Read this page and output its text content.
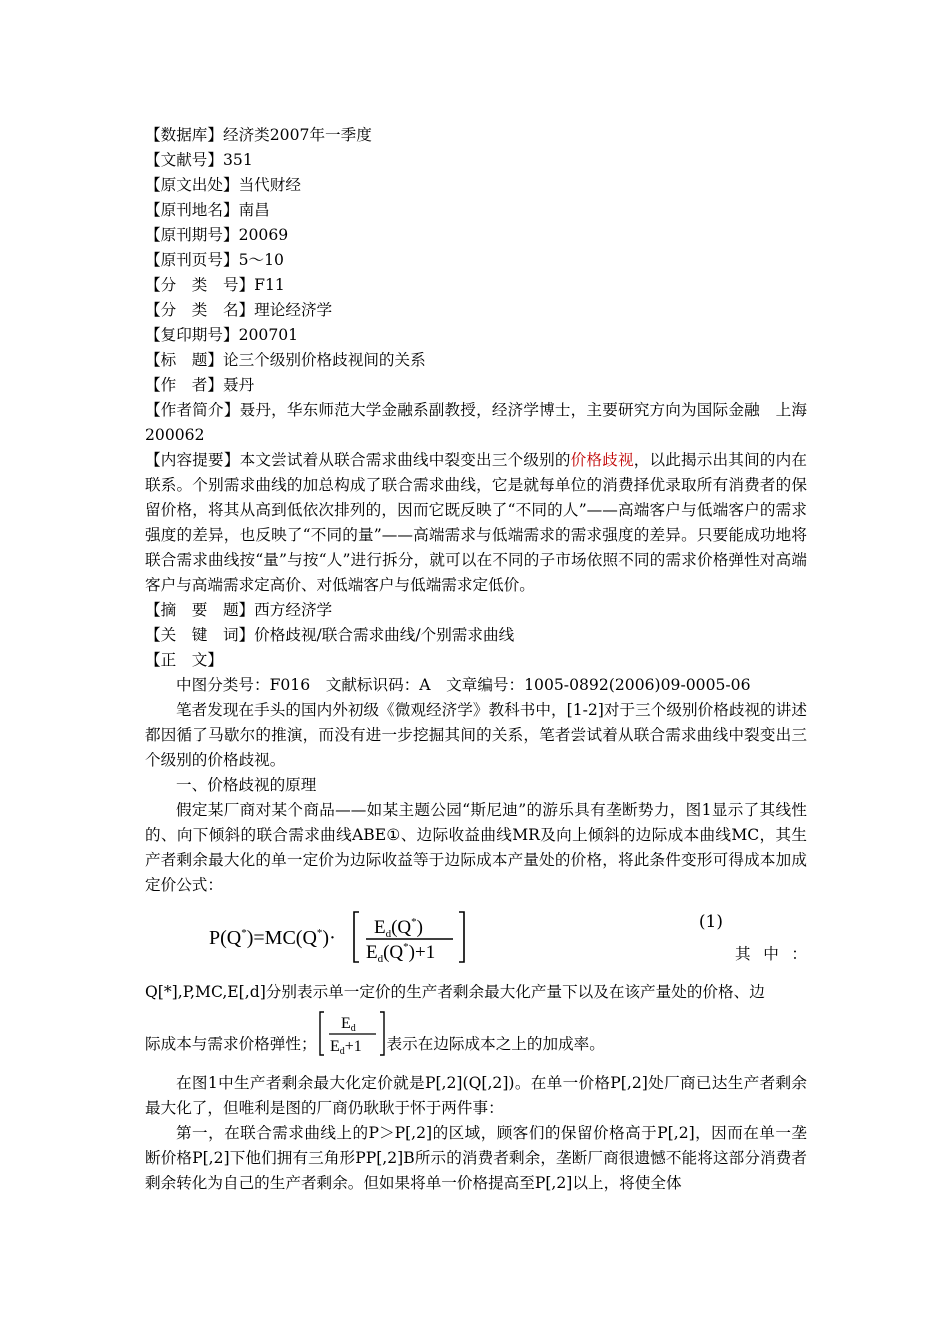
【数据库】经济类2007年一季度
【文献号】351
【原文出处】当代财经
【原刊地名】南昌
【原刊期号】20069
【原刊页号】5～10
【分　类　号】F11
【分　类　名】理论经济学
【复印期号】200701
【标　题】论三个级别价格歧视间的关系
【作　者】聂丹
【作者简介】聂丹，华东师范大学金融系副教授，经济学博士，主要研究方向为国际金融　上海　200062
【内容提要】本文尝试着从联合需求曲线中裂变出三个级别的价格歧视，以此揭示出其间的内在联系。个别需求曲线的加总构成了联合需求曲线，它是就每单位的消费择优录取所有消费者的保留价格，将其从高到低依次排列的，因而它既反映了“不同的人”——高端客户与低端客户的需求强度的差异，也反映了“不同的量”——高端需求与低端需求的需求强度的差异。只要能成功地将联合需求曲线按“量”与按“人”进行拆分，就可以在不同的子市场依照不同的需求价格弹性对高端客户与高端需求定高价、对低端客户与低端需求定低价。
【摘　要　题】西方经济学
【关　键　词】价格歧视/联合需求曲线/个别需求曲线
【正　文】
中图分类号：F016　文献标识码：A　文章编号：1005-0892(2006)09-0005-06
笔者发现在手头的国内外初级《微观经济学》教科书中，[1-2]对于三个级别价格歧视的讲述都因循了马歇尔的推演，而没有进一步挖掘其间的关系，笔者尝试着从联合需求曲线中裂变出三个级别的价格歧视。
一、价格歧视的原理
假定某厂商对某个商品——如某主题公园“斯尼迪”的游乐具有垄断势力，图1显示了其线性的、向下倾斜的联合需求曲线ABE①、边际收益曲线MR及向上倾斜的边际成本曲线MC，其生产者剩余最大化的单一定价为边际收益等于边际成本产量处的价格，将此条件变形可得成本加成定价公式：
$P(Q^*)=MC(Q^*)\cdot E_d(Q^*)$
$E_d(Q^*)+1$
(1)
其 中 ：
Q[*],P,MC,E[,d]分别表示单一定价的生产者剩余最大化产量下以及在该产量处的价格、边
际成本与需求价格弹性；
Ed
Ed+1 表示在边际成本之上的加成率。
在图1中生产者剩余最大化定价就是P[,2](Q[,2])。在单一价格P[,2]处厂商已达生产者剩余最大化了，但唯利是图的厂商仍耿耿于怀于两件事：
第一，在联合需求曲线上的P＞P[,2]的区域，顾客们的保留价格高于P[,2]，因而在单一垄断价格P[,2]下他们拥有三角形PP[,2]B所示的消费者剩余，垄断厂商很遗憾不能将这部分消费者剩余转化为自己的生产者剩余。但如果将单一价格提高至P[,2]以上，将使全体
